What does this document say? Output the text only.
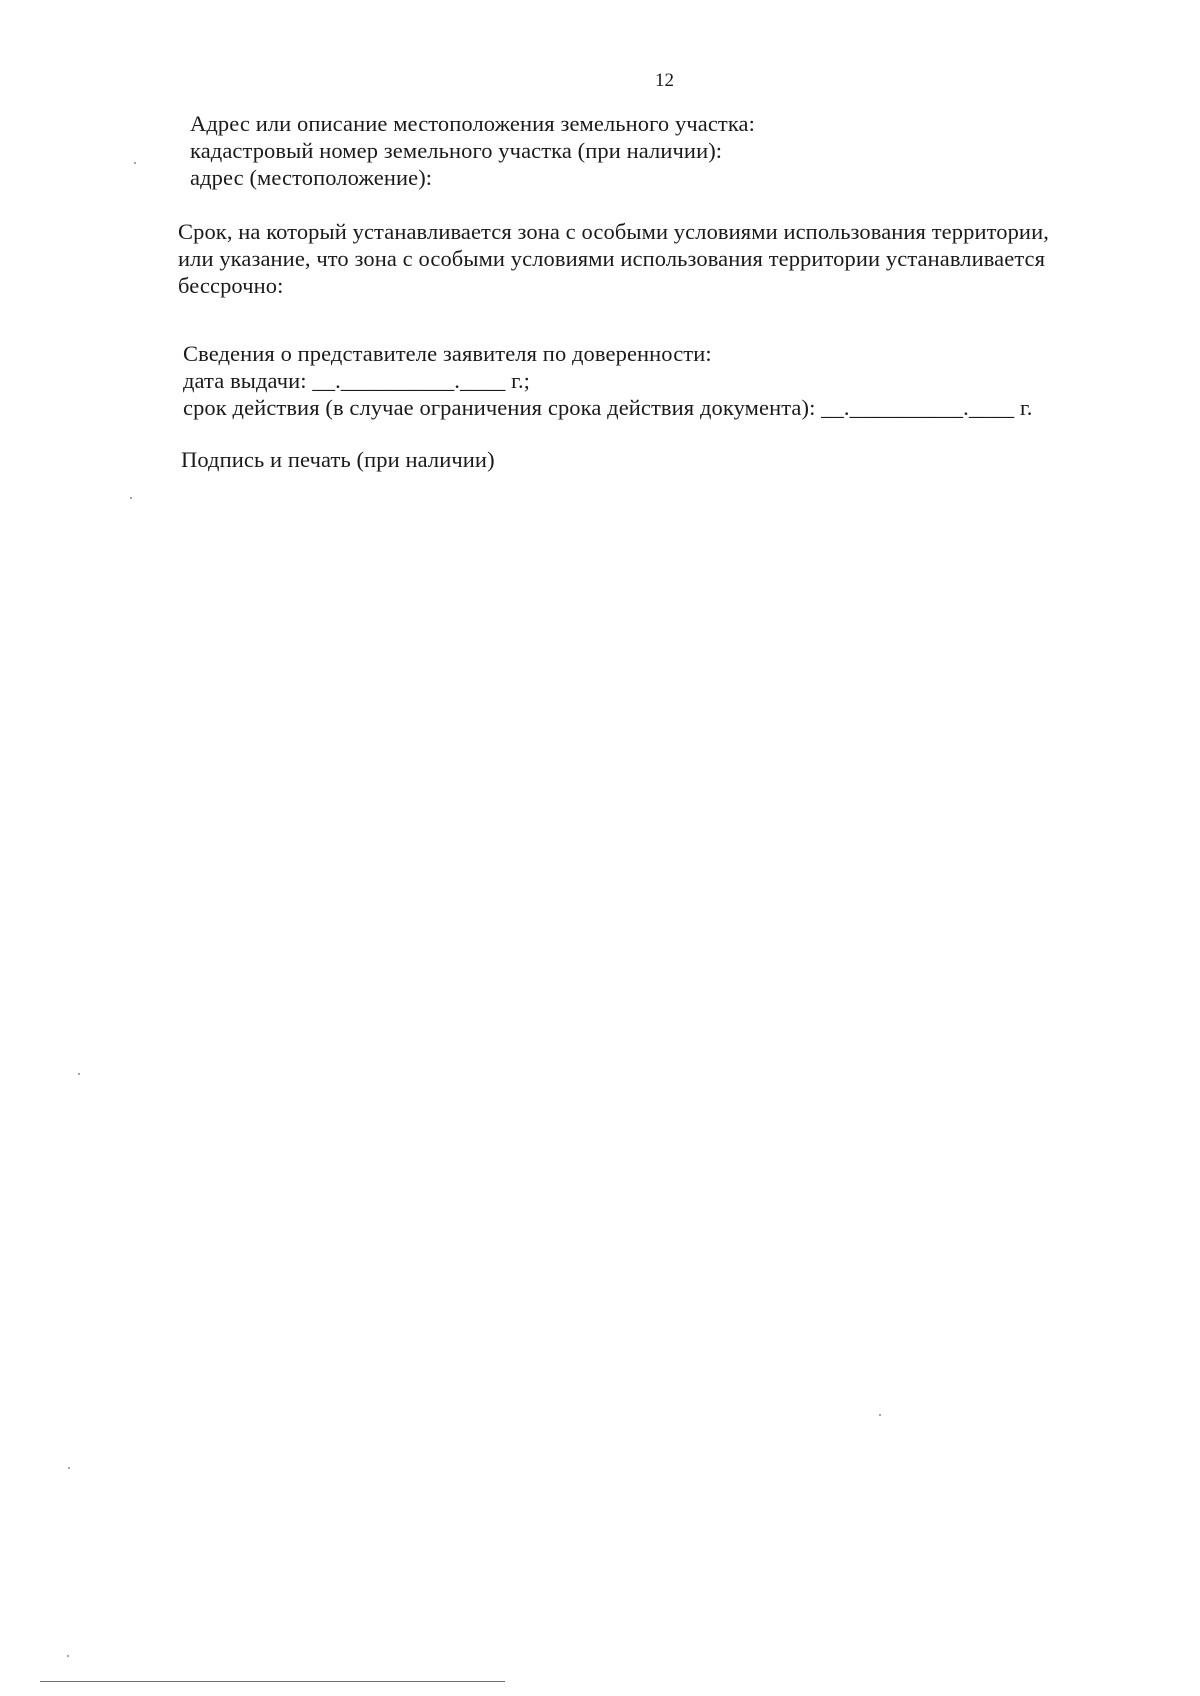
12
Адрес или описание местоположения земельного участка:
кадастровый номер земельного участка (при наличии):
адрес (местоположение):
Срок, на который устанавливается зона с особыми условиями использования территории,
или указание, что зона с особыми условиями использования территории устанавливается
бессрочно:
Сведения о представителе заявителя по доверенности:
дата выдачи: __.__________.____ г.;
срок действия (в случае ограничения срока действия документа): __.__________.____ г.
Подпись и печать (при наличии)
